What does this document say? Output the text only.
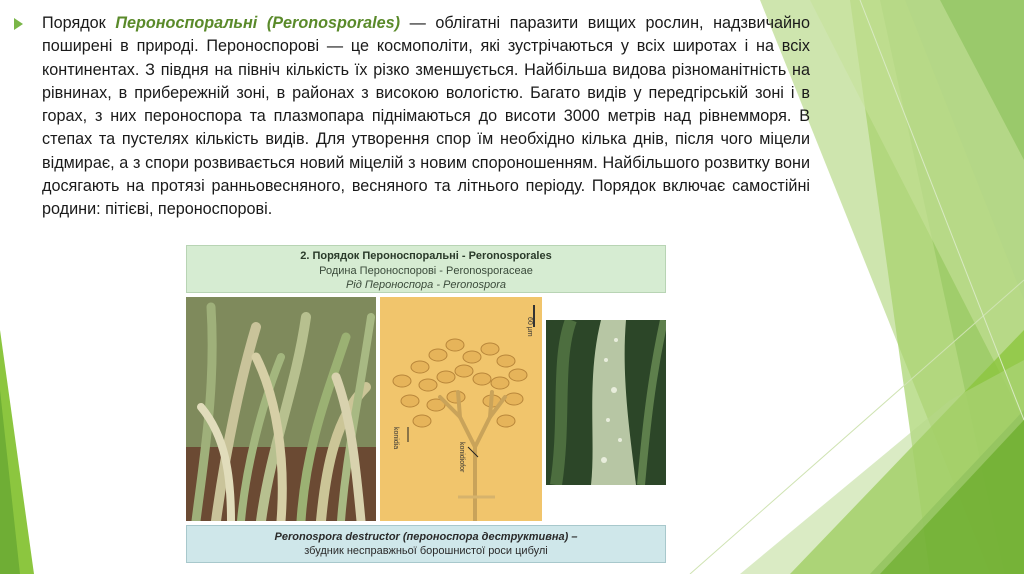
Порядок Пероноспоральні (Peronosporales) — облігатні паразити вищих рослин, надзвичайно поширені в природі. Пероноспорові — це космополіти, які зустрічаються у всіх широтах і на всіх континентах. З півдня на північ кількість їх різко зменшується. Найбільша видова різноманітність на рівнинах, в прибережній зоні, в районах з високою вологістю. Багато видів у передгірській зоні і в горах, з них пероноспора та плазмопара піднімаються до висоти 3000 метрів над рівнемморя. В степах та пустелях кількість видів. Для утворення спор їм необхідно кілька днів, після чого міцели відмирає, а з спори розвивається новий міцелій з новим спороношенням. Найбільшого розвитку вони досягають на протязі ранньовесняного, весняного та літнього періоду. Порядок включає самостійні родини: пітієві, пероноспорові.

2. Порядок Пероноспоральні - Peronosporales
Родина Пероноспорові - Peronosporaceae
Рід Пероноспора - Peronospora
60 μm
konidia
konidiofor
Peronospora destructor (пероноспора деструктивна) –
збудник несправжньої борошнистої роси цибулі
